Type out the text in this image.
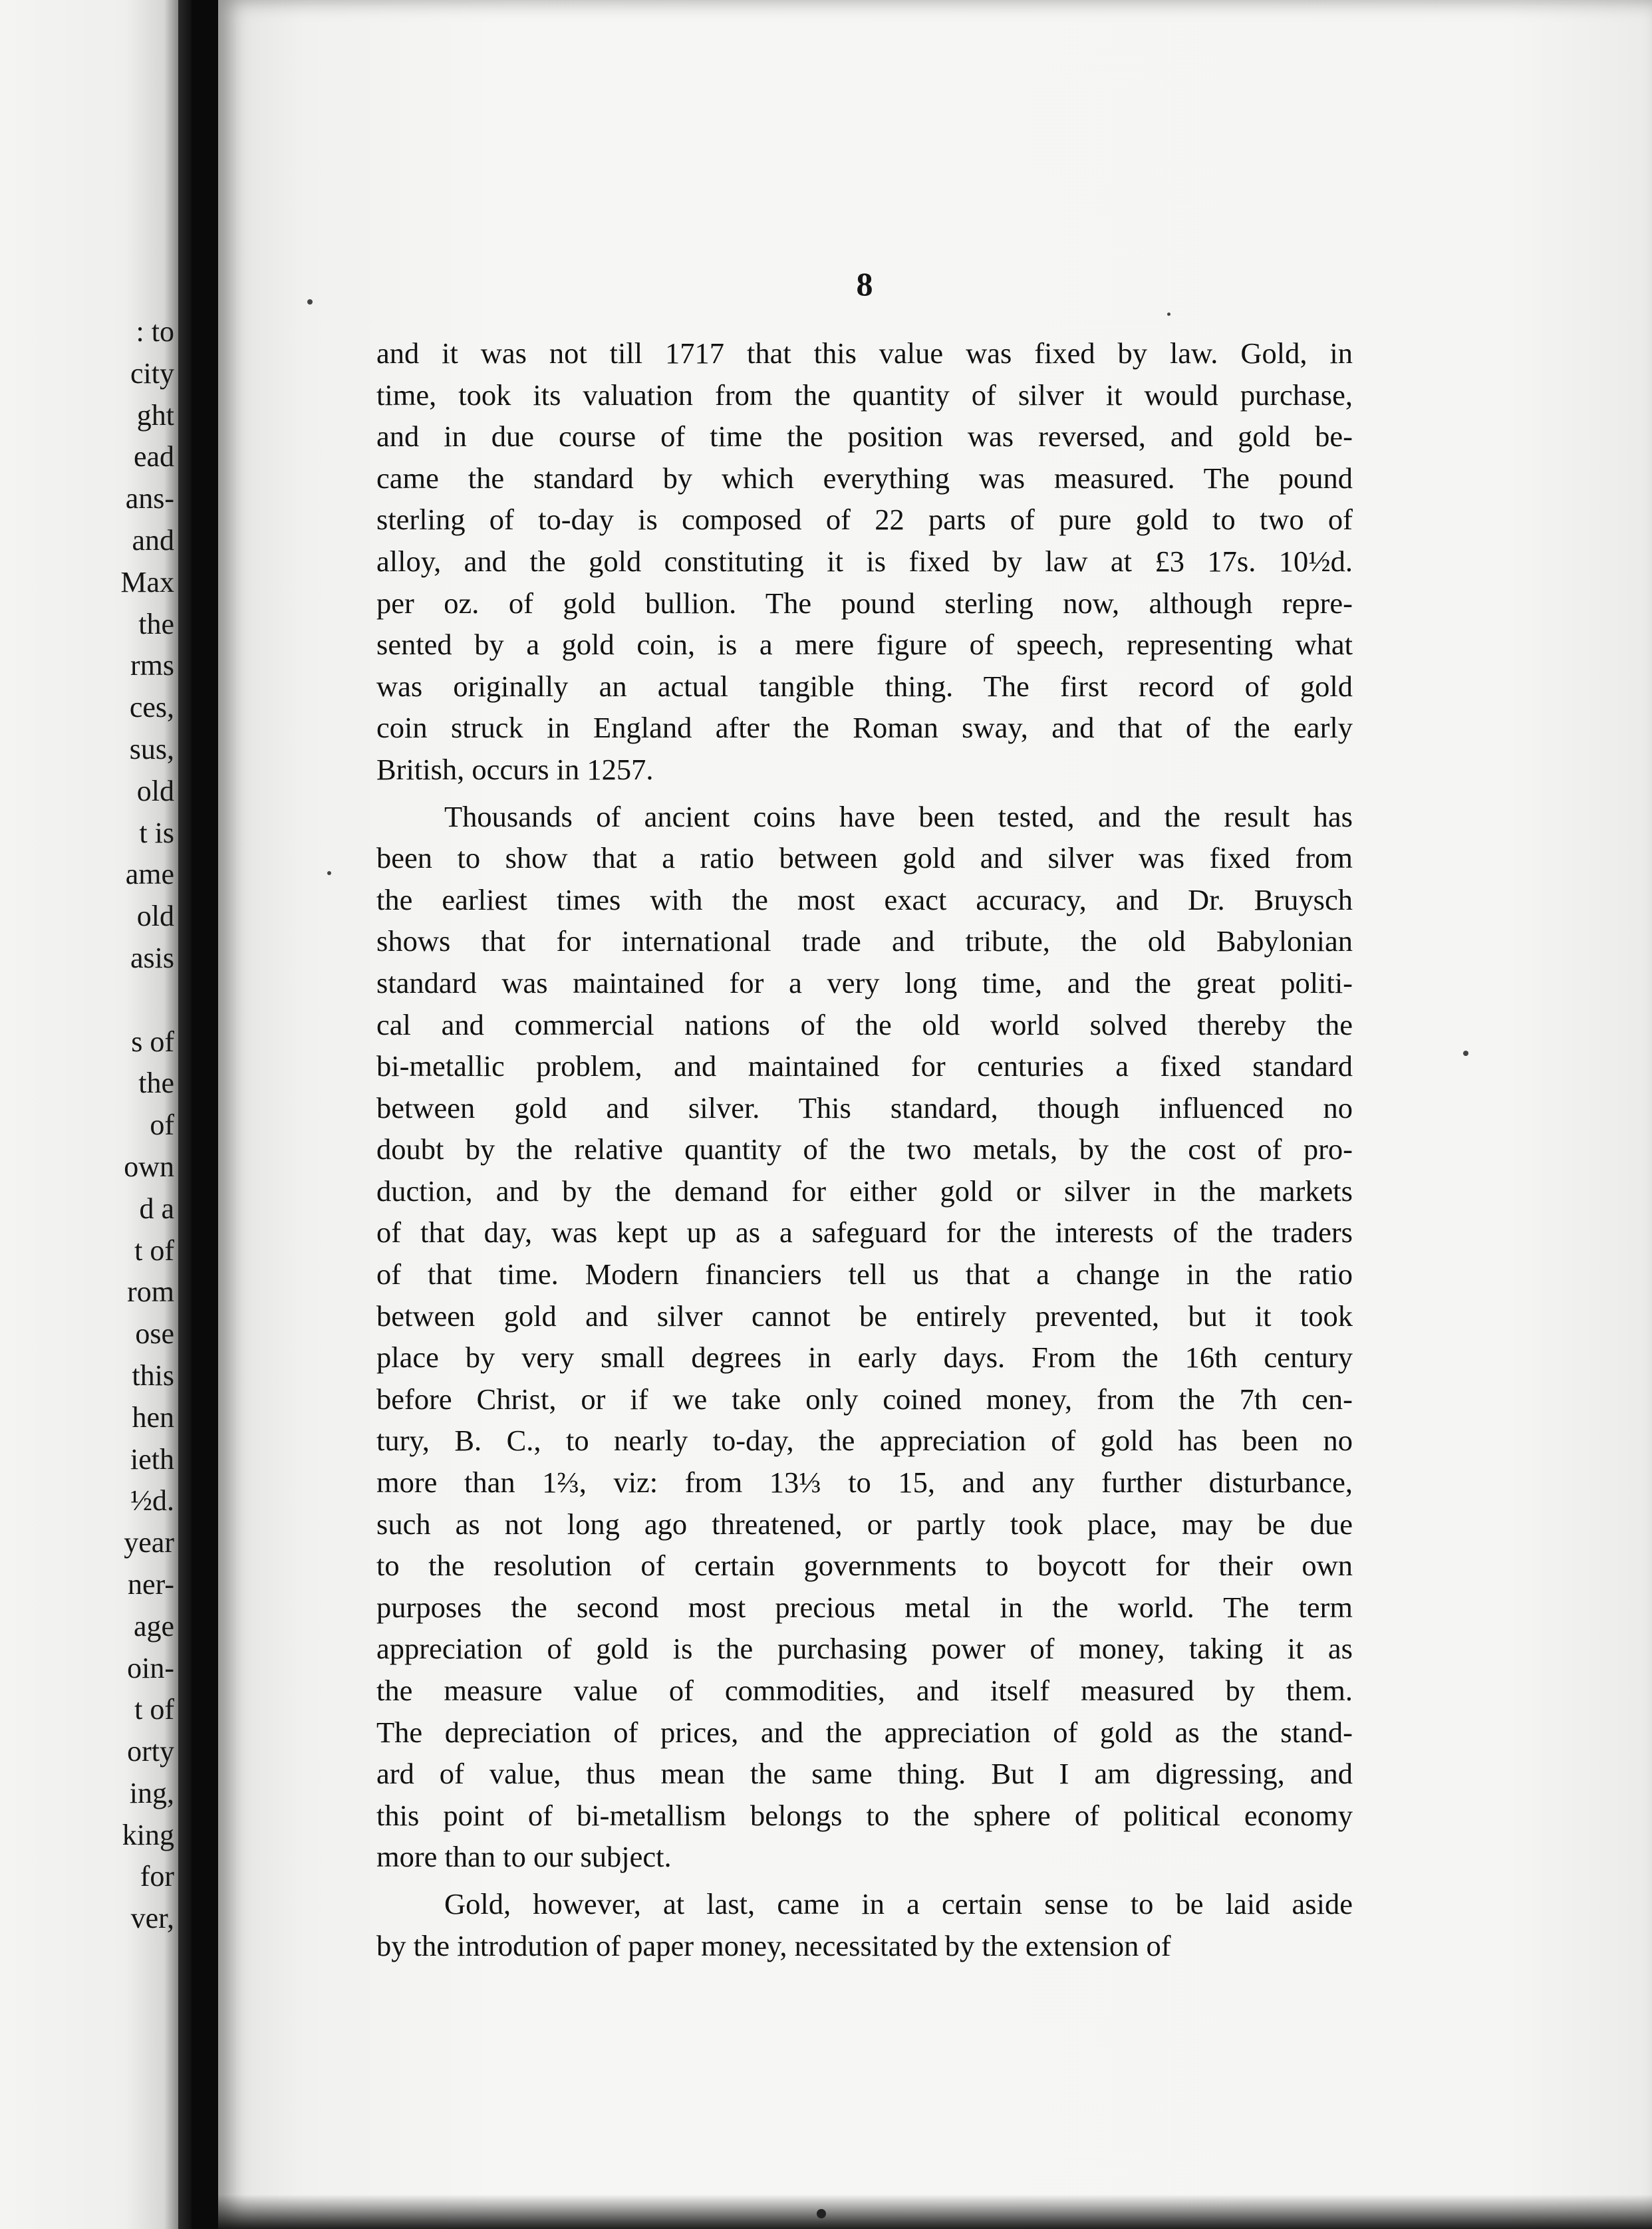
: to
city
ght
ead
ans-
and
Max
the
rms
ces,
sus,
old
t is
ame
old
asis
s of
the
of
own
d a
t of
rom
ose
this
hen
ieth
½d.
year
ner-
age
oin-
t of
orty
ing,
king
for
ver,
8

and it was not till 1717 that this value was fixed by law. Gold, in
time, took its valuation from the quantity of silver it would purchase,
and in due course of time the position was reversed, and gold be-
came the standard by which everything was measured. The pound
sterling of to-day is composed of 22 parts of pure gold to two of
alloy, and the gold constituting it is fixed by law at £3 17s. 10½d.
per oz. of gold bullion. The pound sterling now, although repre-
sented by a gold coin, is a mere figure of speech, representing what
was originally an actual tangible thing. The first record of gold
coin struck in England after the Roman sway, and that of the early
British, occurs in 1257.

Thousands of ancient coins have been tested, and the result has
been to show that a ratio between gold and silver was fixed from
the earliest times with the most exact accuracy, and Dr. Bruysch
shows that for international trade and tribute, the old Babylonian
standard was maintained for a very long time, and the great politi-
cal and commercial nations of the old world solved thereby the
bi-metallic problem, and maintained for centuries a fixed standard
between gold and silver. This standard, though influenced no
doubt by the relative quantity of the two metals, by the cost of pro-
duction, and by the demand for either gold or silver in the markets
of that day, was kept up as a safeguard for the interests of the traders
of that time. Modern financiers tell us that a change in the ratio
between gold and silver cannot be entirely prevented, but it took
place by very small degrees in early days. From the 16th century
before Christ, or if we take only coined money, from the 7th cen-
tury, B. C., to nearly to-day, the appreciation of gold has been no
more than 1⅔, viz: from 13⅓ to 15, and any further disturbance,
such as not long ago threatened, or partly took place, may be due
to the resolution of certain governments to boycott for their own
purposes the second most precious metal in the world. The term
appreciation of gold is the purchasing power of money, taking it as
the measure value of commodities, and itself measured by them.
The depreciation of prices, and the appreciation of gold as the stand-
ard of value, thus mean the same thing. But I am digressing, and
this point of bi-metallism belongs to the sphere of political economy
more than to our subject.

Gold, however, at last, came in a certain sense to be laid aside
by the introdution of paper money, necessitated by the extension of
